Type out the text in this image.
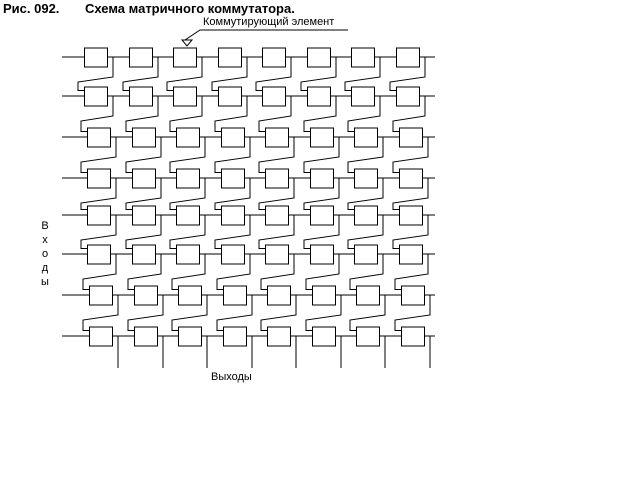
Рис. 092. Схема матричного коммутатора.
Коммутирующий элемент
Входы
Выходы
